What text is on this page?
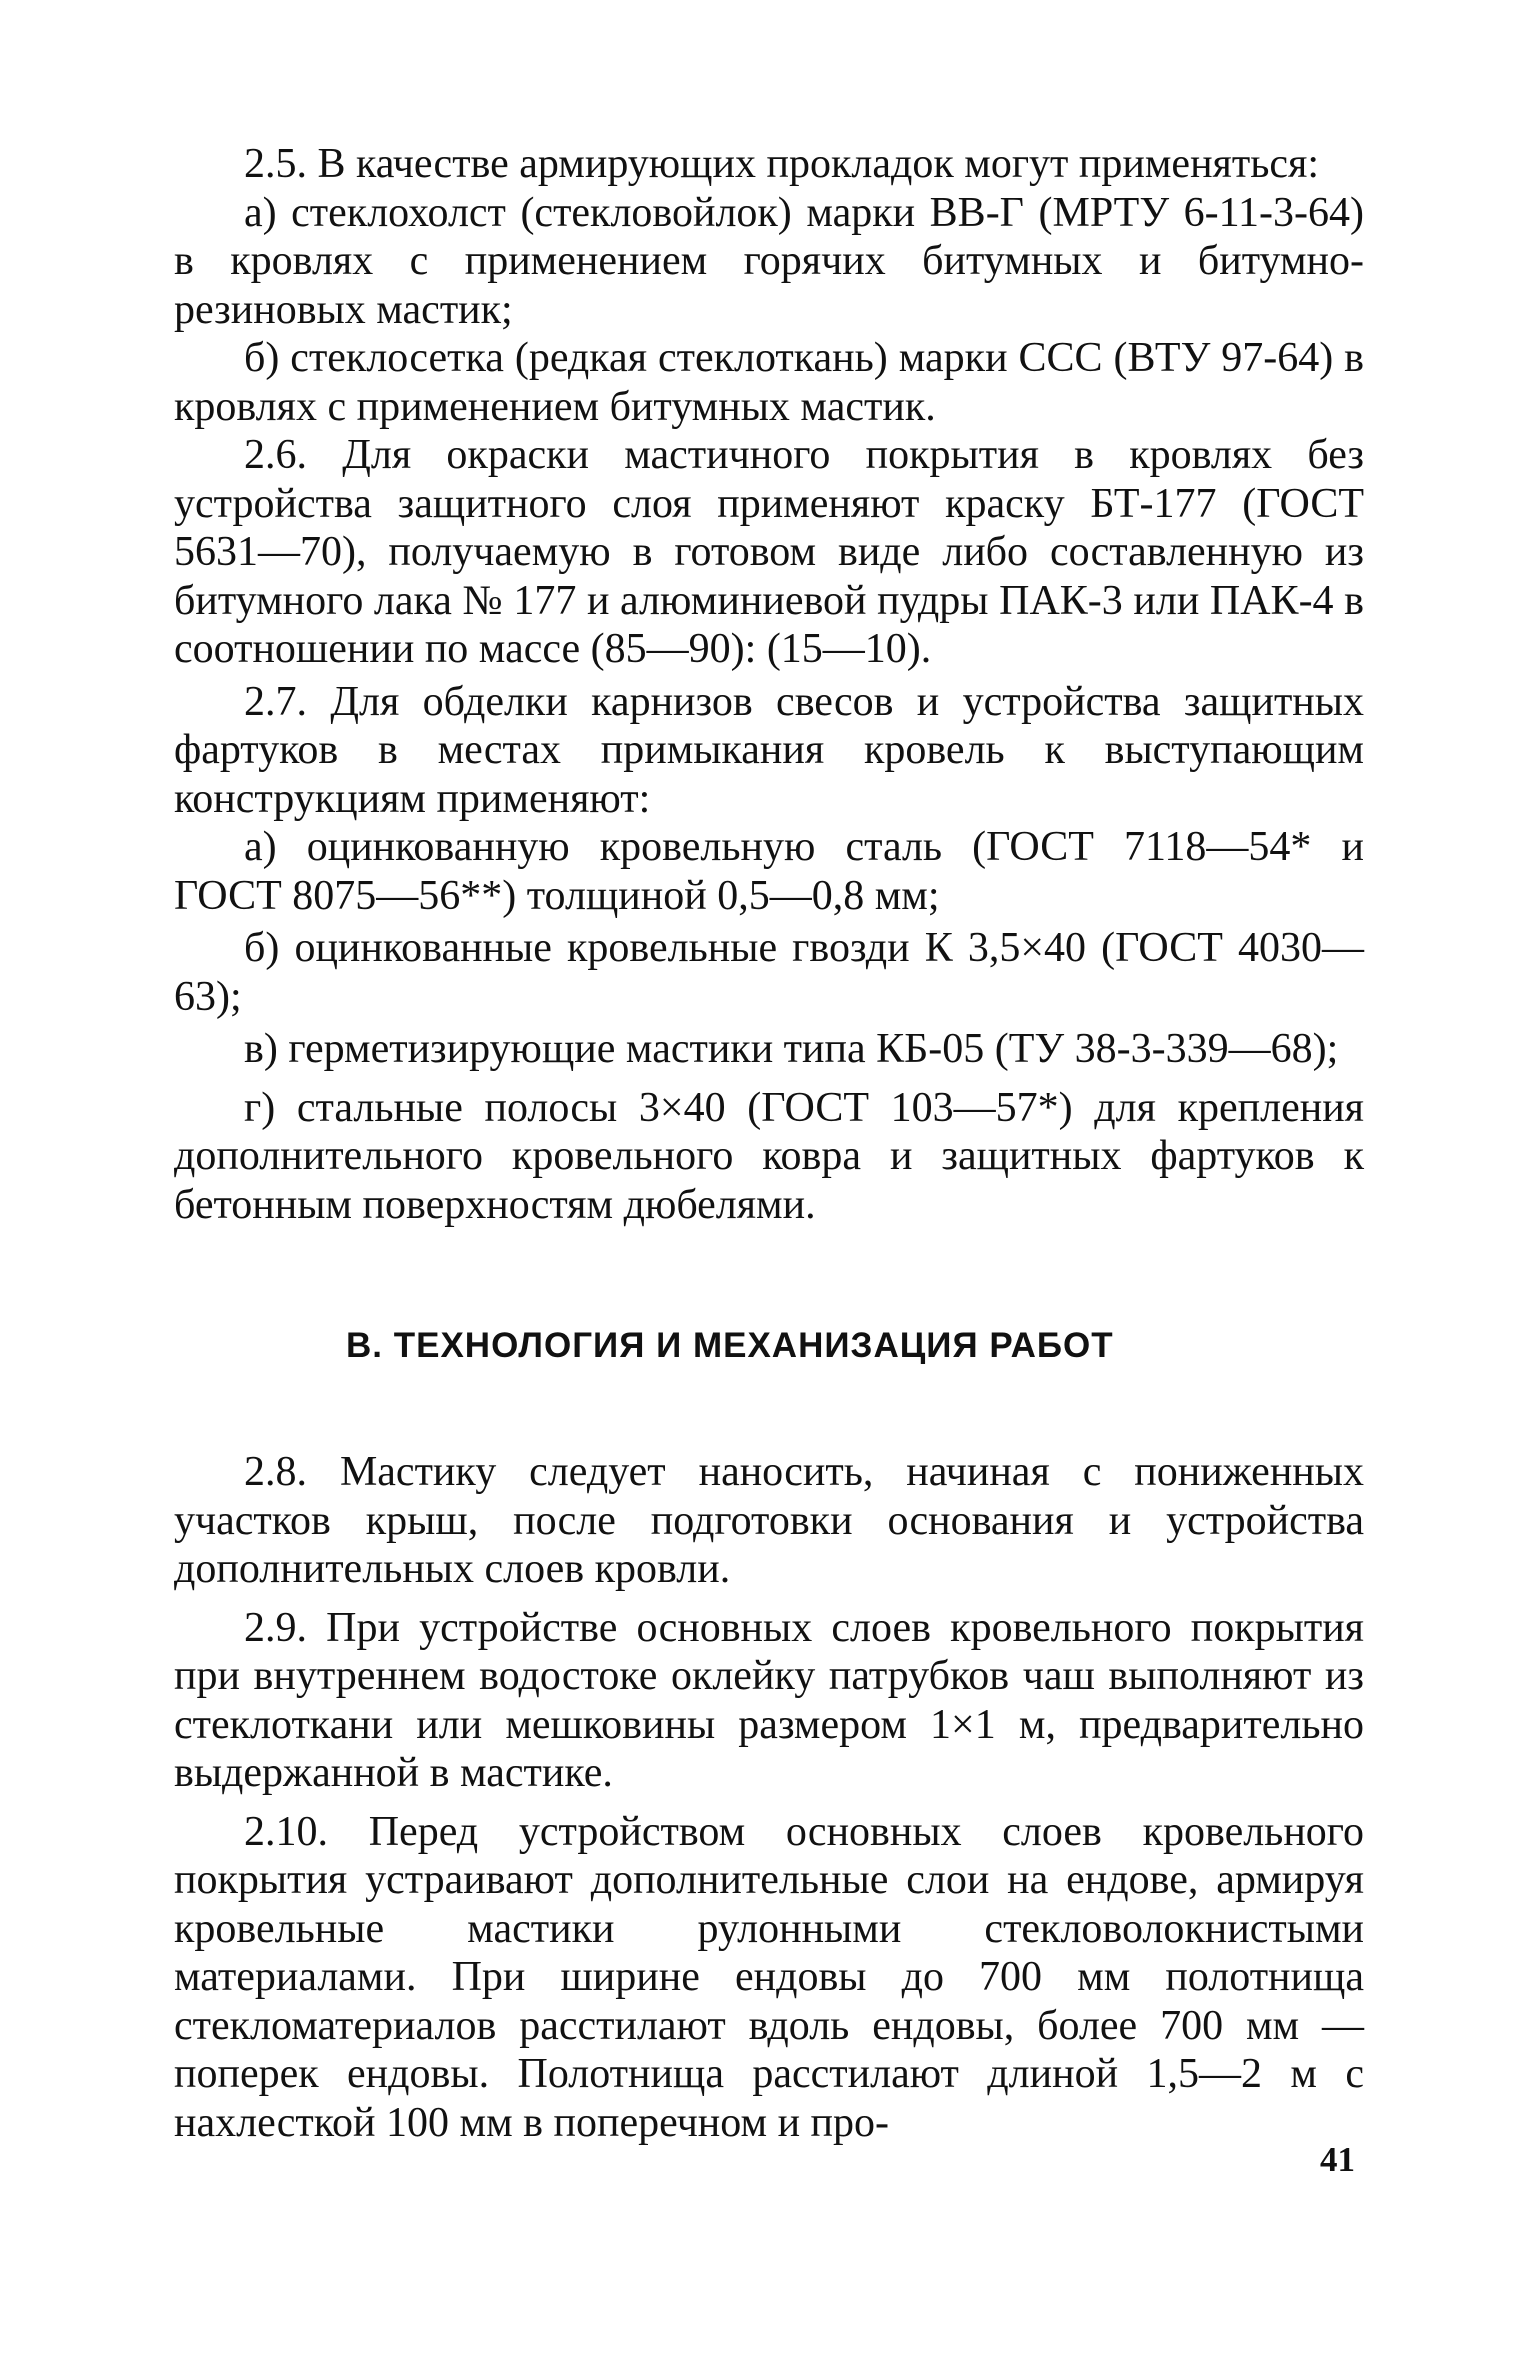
2.5. В качестве армирующих прокладок могут применяться:

а) стеклохолст (стекловойлок) марки ВВ-Г (МРТУ 6-11-3-64) в кровлях с применением горячих битумных и битумно-резиновых мастик;

б) стеклосетка (редкая стеклоткань) марки ССС (ВТУ 97-64) в кровлях с применением битумных мастик.

2.6. Для окраски мастичного покрытия в кровлях без устройства защитного слоя применяют краску БТ-177 (ГОСТ 5631—70), получаемую в готовом виде либо составленную из битумного лака № 177 и алюминиевой пудры ПАК-3 или ПАК-4 в соотношении по массе (85—90): (15—10).

2.7. Для обделки карнизов свесов и устройства защитных фартуков в местах примыкания кровель к выступающим конструкциям применяют:

а) оцинкованную кровельную сталь (ГОСТ 7118—54* и ГОСТ 8075—56**) толщиной 0,5—0,8 мм;

б) оцинкованные кровельные гвозди К 3,5×40 (ГОСТ 4030—63);

в) герметизирующие мастики типа КБ-05 (ТУ 38-3-339—68);

г) стальные полосы 3×40 (ГОСТ 103—57*) для крепления дополнительного кровельного ковра и защитных фартуков к бетонным поверхностям дюбелями.

В. ТЕХНОЛОГИЯ И МЕХАНИЗАЦИЯ РАБОТ

2.8. Мастику следует наносить, начиная с пониженных участков крыш, после подготовки основания и устройства дополнительных слоев кровли.

2.9. При устройстве основных слоев кровельного покрытия при внутреннем водостоке оклейку патрубков чаш выполняют из стеклоткани или мешковины размером 1×1 м, предварительно выдержанной в мастике.

2.10. Перед устройством основных слоев кровельного покрытия устраивают дополнительные слои на ендове, армируя кровельные мастики рулонными стекловолокнистыми материалами. При ширине ендовы до 700 мм полотнища стекломатериалов расстилают вдоль ендовы, более 700 мм — поперек ендовы. Полотнища расстилают длиной 1,5—2 м с нахлесткой 100 мм в поперечном и про-

41
